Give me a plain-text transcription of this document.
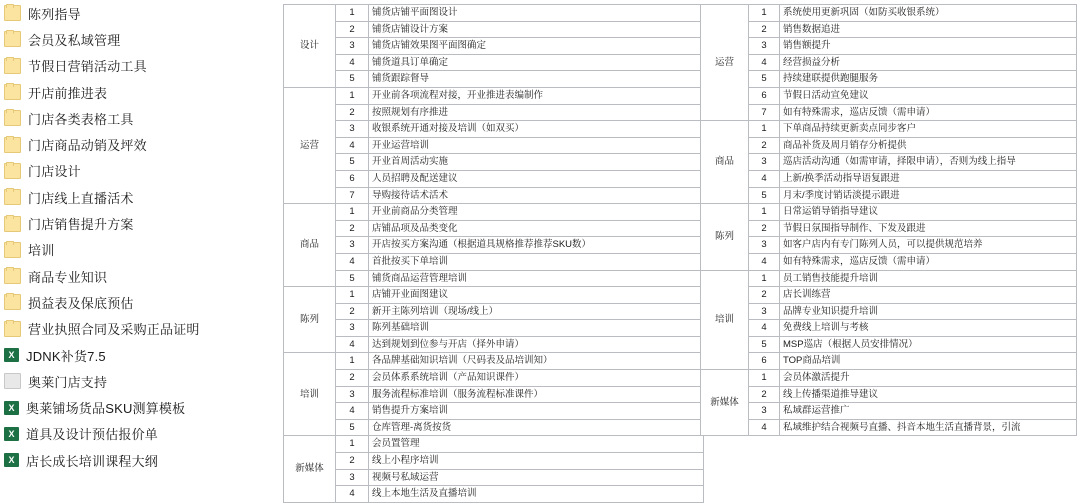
陈列指导
会员及私域管理
节假日营销活动工具
开店前推进表
门店各类表格工具
门店商品动销及坪效
门店设计
门店线上直播活术
门店销售提升方案
培训
商品专业知识
损益表及保底预估
营业执照合同及采购正品证明
X JDNK补货7.5
奥莱门店支持
X 奥莱铺场货品SKU测算模板
X 道具及设计预估报价单
X 店长成长培训课程大纲
设计	1	铺货店铺平面图设计
	2	铺货店铺设计方案
	3	铺货店铺效果图平面图确定
	4	铺货道具订单确定
	5	铺货跟踪督导
运营	1	开业前各项流程对接，开业推进表编制作
	2	按照规划有序推进
	3	收银系统开通对接及培训（如双买）
	4	开业运营培训
	5	开业首周活动实施
	6	人员招聘及配送建议
	7	导购接待话术活术
商品	1	开业前商品分类管理
	2	店铺品项及品类变化
	3	开店按买方案沟通（根据道具规格推荐推荐SKU数）
	4	首批按买下单培训
	5	铺货商品运营管理培训
陈列	1	店铺开业面图建议
	2	新开主陈列培训（现场/线上）
	3	陈列基础培训
	4	达到规划到位参与开店（择外申请）
培训	1	各品牌基础知识培训（尺码表及品培训知）
	2	会员体系系统培训（产品知识课件）
	3	服务流程标准培训（服务流程标准课件）
	4	销售提升方案培训
	5	仓库管理-离货按货
新媒体	1	会员置管理
	2	线上小程序培训
	3	视频号私域运营
	4	线上本地生活及直播培训
运营	1	系统使用更新巩固（如防买收银系统）
	2	销售数据追进
	3	销售额提升
	4	经营损益分析
	5	持续建联提供跑腿服务
	6	节假日活动宣免建议
	7	如有特殊需求，巡店反馈（需申请）
商品	1	下单商品持续更新卖点同步客户
	2	商品补货及周月销存分析提供
	3	巡店活动沟通（如需审请，择限申请），否则为线上指导
	4	上新/换季活动指导语复跟进
	5	月末/季度讨销话淡提示跟进
陈列	1	日常运销导销指导建议
	2	节假日氛围指导制作、下发及跟进
	3	如客户店内有专门陈列人员，可以提供规范培养
	4	如有特殊需求，巡店反馈（需申请）
培训	1	员工销售技能提升培训
	2	店长训练营
	3	品牌专业知识提升培训
	4	免费线上培训与考核
	5	MSP巡店（根据人员安排情况）
	6	TOP商品培训
新媒体	1	会员体激活提升
	2	线上传播渠道推导建议
	3	私域群运营推广
	4	私域维护结合视频号直播、抖音本地生活直播背景，引流
